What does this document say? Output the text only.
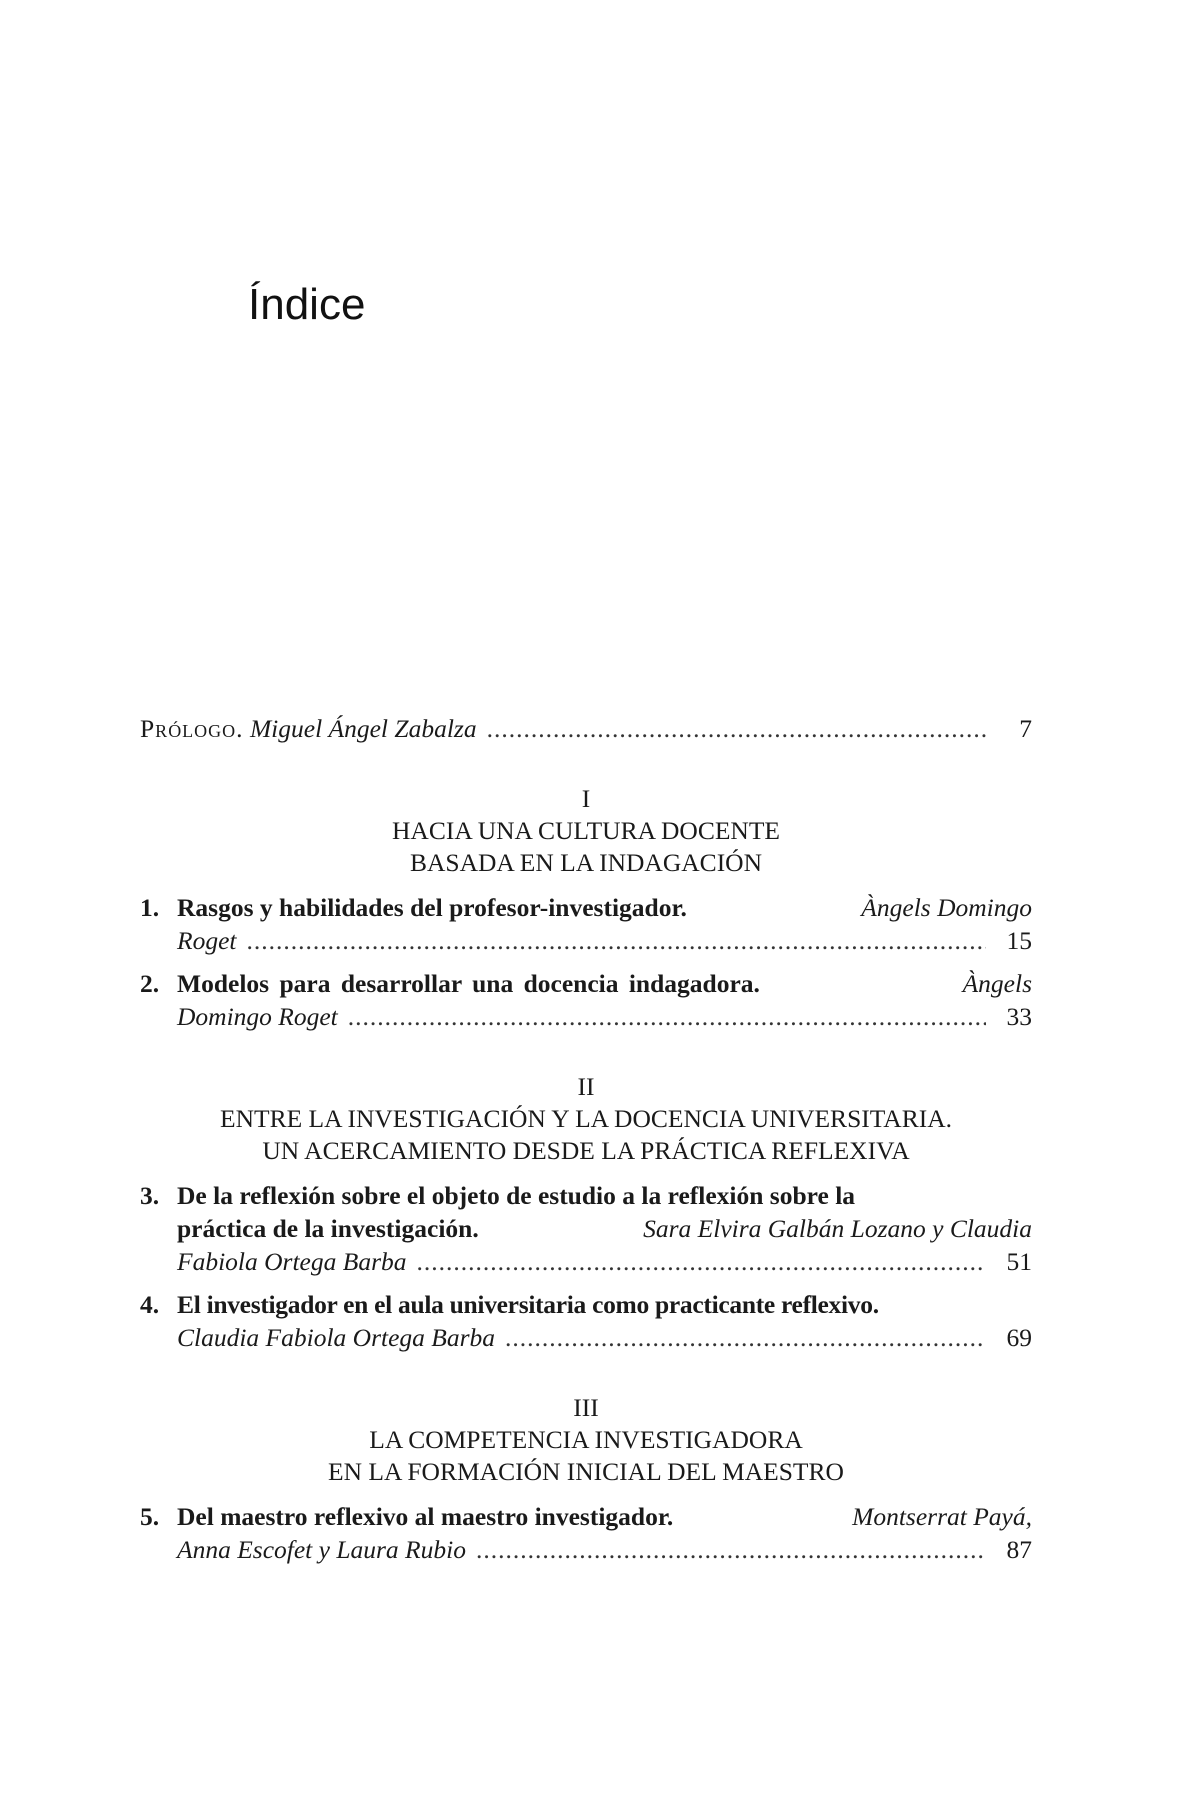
Índice
Prólogo. Miguel Ángel Zabalza .....	7
I
HACIA UNA CULTURA DOCENTE
BASADA EN LA INDAGACIÓN
1. Rasgos y habilidades del profesor-investigador.	Àngels Domingo
Roget .....	15
2. Modelos para desarrollar una docencia indagadora.	Àngels
Domingo Roget .....	33
II
ENTRE LA INVESTIGACIÓN Y LA DOCENCIA UNIVERSITARIA.
UN ACERCAMIENTO DESDE LA PRÁCTICA REFLEXIVA
3. De la reflexión sobre el objeto de estudio a la reflexión sobre la
práctica de la investigación.	Sara Elvira Galbán Lozano y Claudia
Fabiola Ortega Barba .....	51
4. El investigador en el aula universitaria como practicante reflexivo.
Claudia Fabiola Ortega Barba .....	69
III
LA COMPETENCIA INVESTIGADORA
EN LA FORMACIÓN INICIAL DEL MAESTRO
5. Del maestro reflexivo al maestro investigador.	Montserrat Payá,
Anna Escofet y Laura Rubio .....	87
